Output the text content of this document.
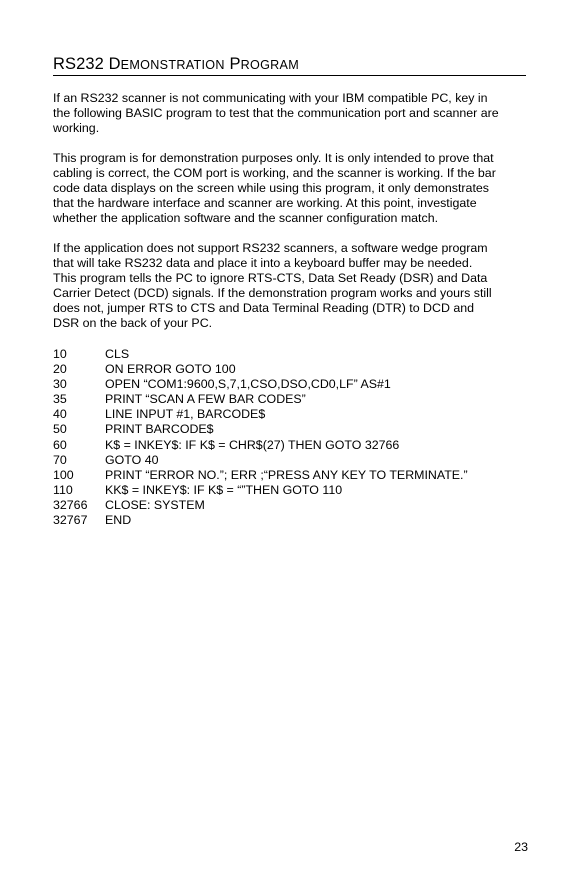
RS232 DEMONSTRATION PROGRAM

If an RS232 scanner is not communicating with your IBM compatible PC, key in
the following BASIC program to test that the communication port and scanner are
working.

This program is for demonstration purposes only. It is only intended to prove that
cabling is correct, the COM port is working, and the scanner is working. If the bar
code data displays on the screen while using this program, it only demonstrates
that the hardware interface and scanner are working. At this point, investigate
whether the application software and the scanner configuration match.

If the application does not support RS232 scanners, a software wedge program
that will take RS232 data and place it into a keyboard buffer may be needed.
This program tells the PC to ignore RTS-CTS, Data Set Ready (DSR) and Data
Carrier Detect (DCD) signals. If the demonstration program works and yours still
does not, jumper RTS to CTS and Data Terminal Reading (DTR) to DCD and
DSR on the back of your PC.

10	CLS
20	ON ERROR GOTO 100
30	OPEN “COM1:9600,S,7,1,CSO,DSO,CD0,LF” AS#1
35	PRINT “SCAN A FEW BAR CODES”
40	LINE INPUT #1, BARCODE$
50	PRINT BARCODE$
60	K$ = INKEY$: IF K$ = CHR$(27) THEN GOTO 32766
70	GOTO 40
100	PRINT “ERROR NO.”; ERR ;“PRESS ANY KEY TO TERMINATE.”
110	KK$ = INKEY$: IF K$ = “”THEN GOTO 110
32766	CLOSE: SYSTEM
32767	END
23
